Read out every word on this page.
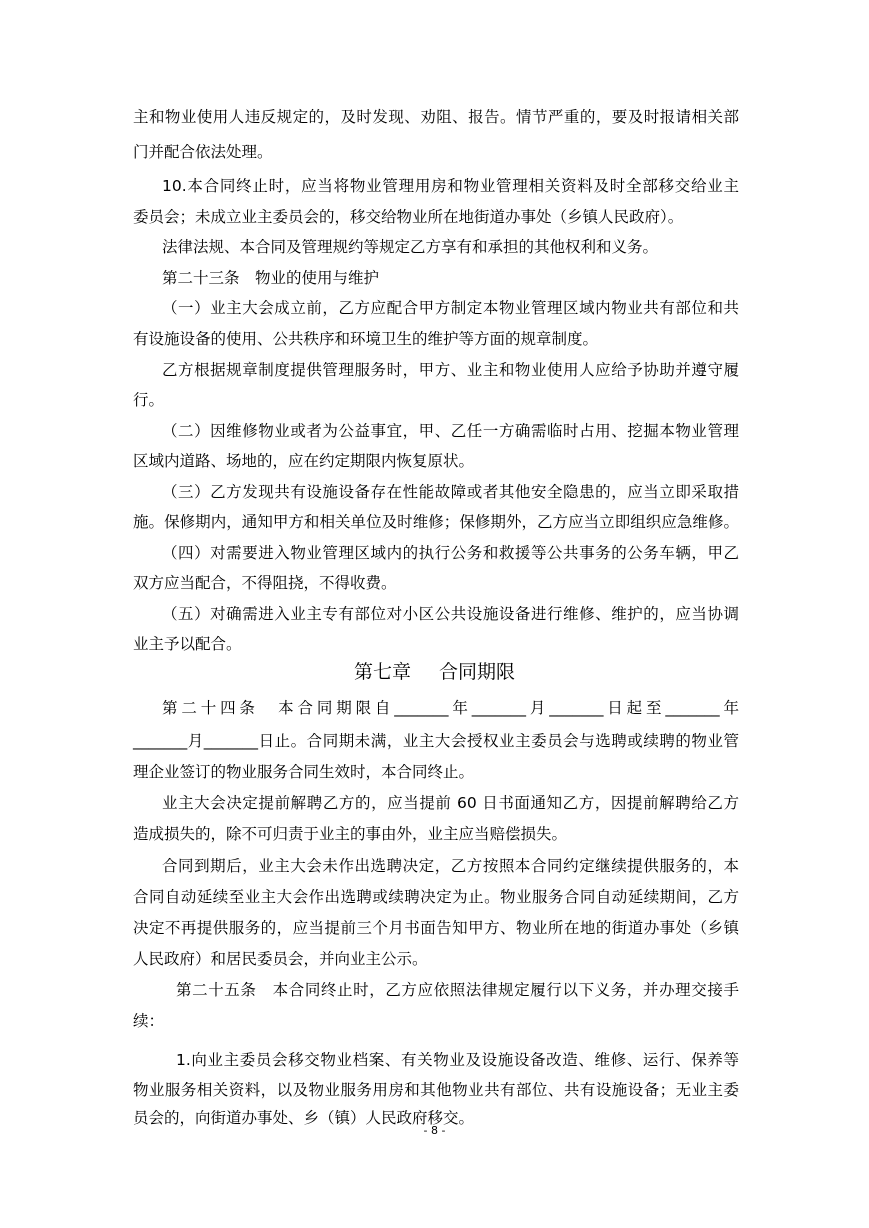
主和物业使用人违反规定的，及时发现、劝阻、报告。情节严重的，要及时报请相关部
门并配合依法处理。
10.本合同终止时，应当将物业管理用房和物业管理相关资料及时全部移交给业主
委员会；未成立业主委员会的，移交给物业所在地街道办事处（乡镇人民政府）。
法律法规、本合同及管理规约等规定乙方享有和承担的其他权利和义务。
第二十三条　物业的使用与维护
（一）业主大会成立前，乙方应配合甲方制定本物业管理区域内物业共有部位和共
有设施设备的使用、公共秩序和环境卫生的维护等方面的规章制度。
乙方根据规章制度提供管理服务时，甲方、业主和物业使用人应给予协助并遵守履
行。
（二）因维修物业或者为公益事宜，甲、乙任一方确需临时占用、挖掘本物业管理
区域内道路、场地的，应在约定期限内恢复原状。
（三）乙方发现共有设施设备存在性能故障或者其他安全隐患的，应当立即采取措
施。保修期内，通知甲方和相关单位及时维修；保修期外，乙方应当立即组织应急维修。
（四）对需要进入物业管理区域内的执行公务和救援等公共事务的公务车辆，甲乙
双方应当配合，不得阻挠，不得收费。
（五）对确需进入业主专有部位对小区公共设施设备进行维修、维护的，应当协调
业主予以配合。
第七章 合同期限
第二十四条　本合同期限自_______年_______月_______日起至_______年
_______月_______日止。合同期未满，业主大会授权业主委员会与选聘或续聘的物业管
理企业签订的物业服务合同生效时，本合同终止。
业主大会决定提前解聘乙方的，应当提前 60 日书面通知乙方，因提前解聘给乙方
造成损失的，除不可归责于业主的事由外，业主应当赔偿损失。
合同到期后，业主大会未作出选聘决定，乙方按照本合同约定继续提供服务的，本
合同自动延续至业主大会作出选聘或续聘决定为止。物业服务合同自动延续期间，乙方
决定不再提供服务的，应当提前三个月书面告知甲方、物业所在地的街道办事处（乡镇
人民政府）和居民委员会，并向业主公示。
第二十五条　本合同终止时，乙方应依照法律规定履行以下义务，并办理交接手
续：
1.向业主委员会移交物业档案、有关物业及设施设备改造、维修、运行、保养等
物业服务相关资料，以及物业服务用房和其他物业共有部位、共有设施设备；无业主委
员会的，向街道办事处、乡（镇）人民政府移交。
- 8 -
